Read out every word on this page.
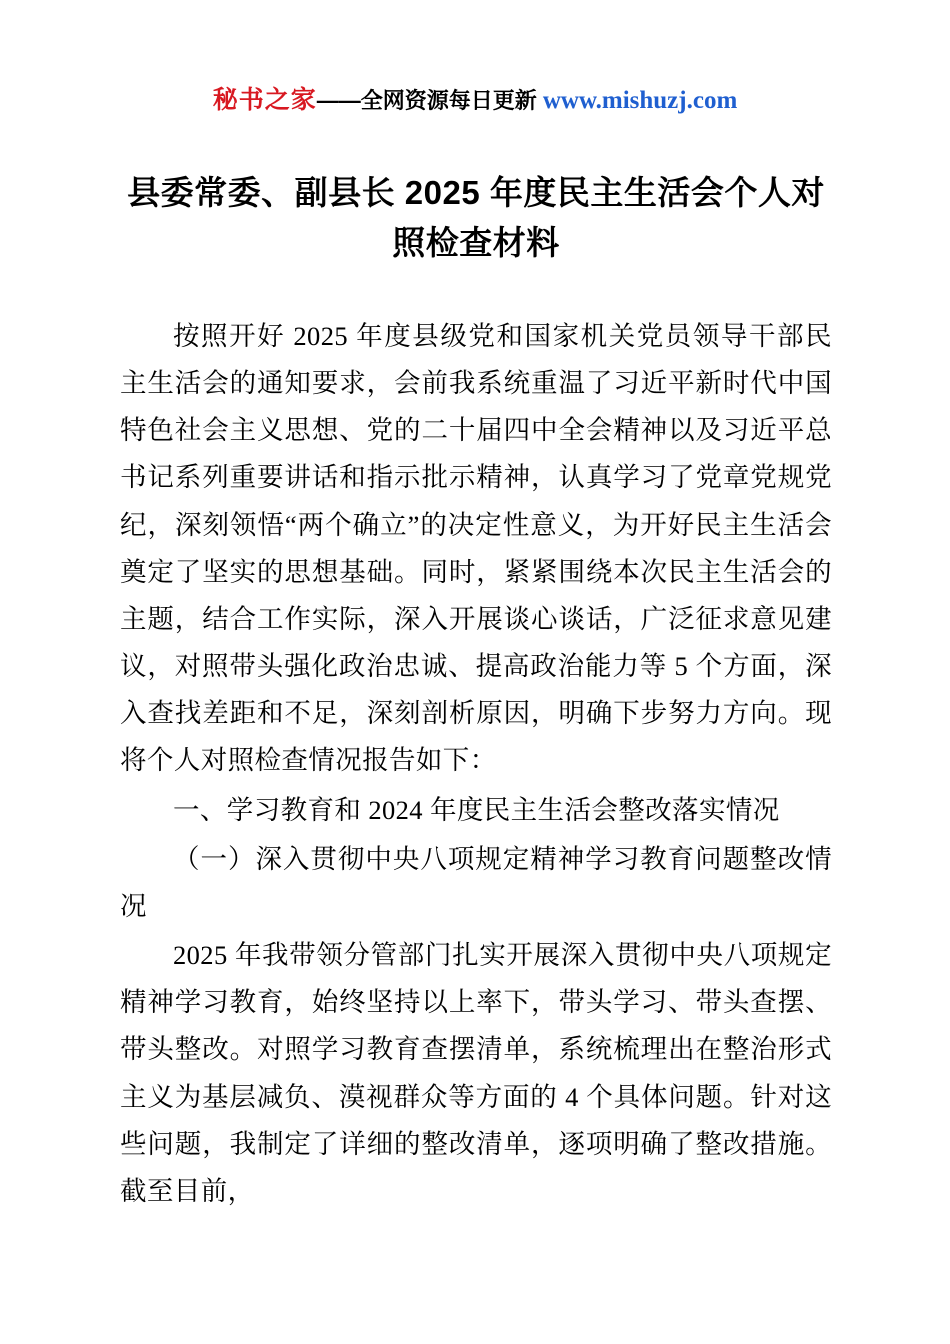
秘书之家——全网资源每日更新 www.mishuzj.com
县委常委、副县长 2025 年度民主生活会个人对照检查材料

按照开好 2025 年度县级党和国家机关党员领导干部民主生活会的通知要求，会前我系统重温了习近平新时代中国特色社会主义思想、党的二十届四中全会精神以及习近平总书记系列重要讲话和指示批示精神，认真学习了党章党规党纪，深刻领悟“两个确立”的决定性意义，为开好民主生活会奠定了坚实的思想基础。同时，紧紧围绕本次民主生活会的主题，结合工作实际，深入开展谈心谈话，广泛征求意见建议，对照带头强化政治忠诚、提高政治能力等 5 个方面，深入查找差距和不足，深刻剖析原因，明确下步努力方向。现将个人对照检查情况报告如下：

一、学习教育和 2024 年度民主生活会整改落实情况

（一）深入贯彻中央八项规定精神学习教育问题整改情况

2025 年我带领分管部门扎实开展深入贯彻中央八项规定精神学习教育，始终坚持以上率下，带头学习、带头查摆、带头整改。对照学习教育查摆清单，系统梳理出在整治形式主义为基层减负、漠视群众等方面的 4 个具体问题。针对这些问题，我制定了详细的整改清单，逐项明确了整改措施。截至目前，
